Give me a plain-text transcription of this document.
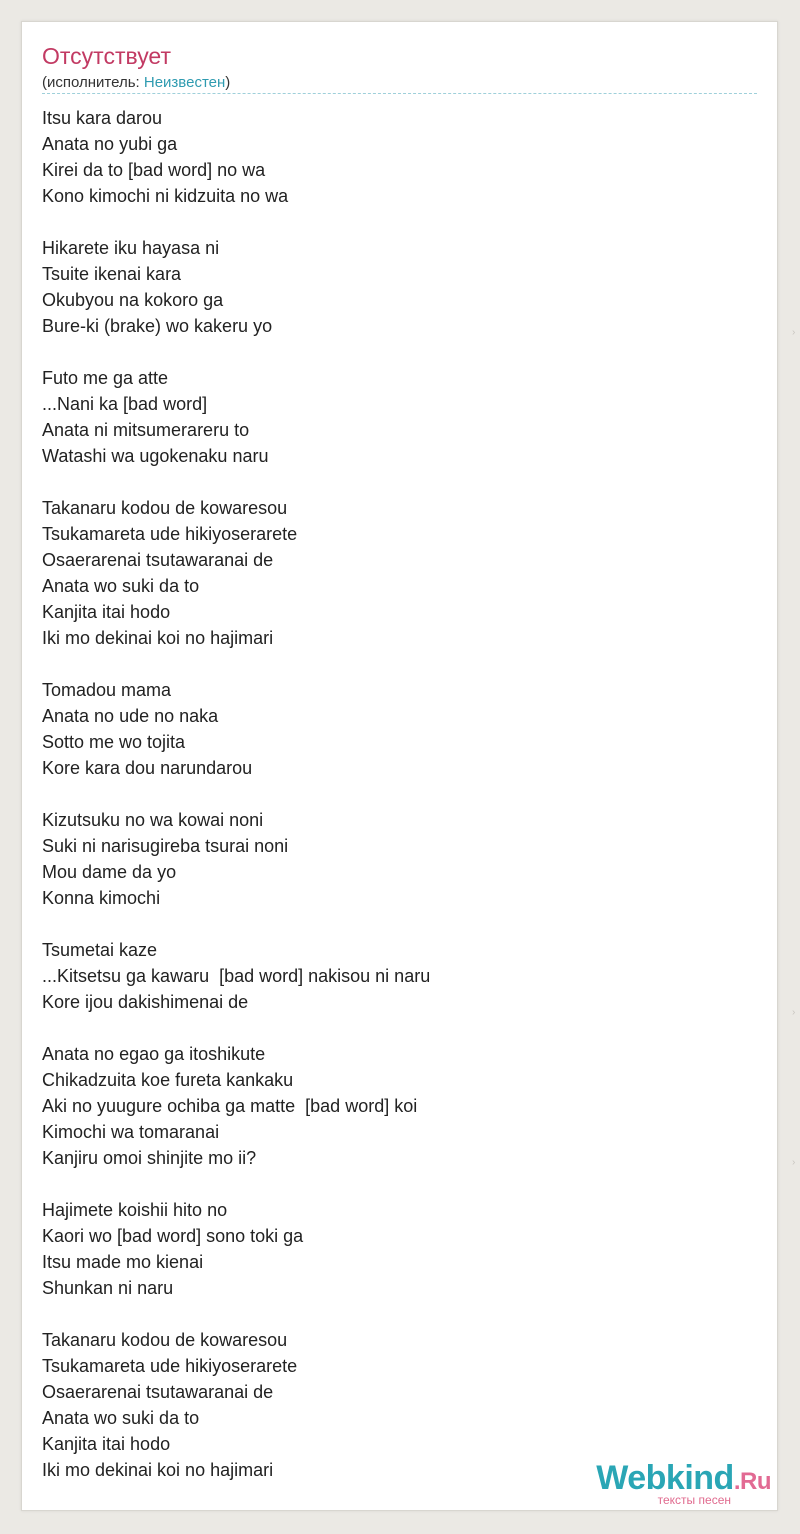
Отсутствует
(исполнитель: Неизвестен)
Itsu kara darou
Anata no yubi ga
Kirei da to [bad word] no wa
Kono kimochi ni kidzuita no wa
Hikarete iku hayasa ni
Tsuite ikenai kara
Okubyou na kokoro ga
Bure-ki (brake) wo kakeru yo
Futo me ga atte
...Nani ka [bad word]
Anata ni mitsumerareru to
Watashi wa ugokenaku naru
Takanaru kodou de kowaresou
Tsukamareta ude hikiyoserarete
Osaerarenai tsutawaranai de
Anata wo suki da to
Kanjita itai hodo
Iki mo dekinai koi no hajimari
Tomadou mama
Anata no ude no naka
Sotto me wo tojita
Kore kara dou narundarou
Kizutsuku no wa kowai noni
Suki ni narisugireba tsurai noni
Mou dame da yo
Konna kimochi
Tsumetai kaze
...Kitsetsu ga kawaru  [bad word] nakisou ni naru
Kore ijou dakishimenai de
Anata no egao ga itoshikute
Chikadzuita koe fureta kankaku
Aki no yuugure ochiba ga matte  [bad word] koi
Kimochi wa tomaranai
Kanjiru omoi shinjite mo ii?
Hajimete koishii hito no
Kaori wo [bad word] sono toki ga
Itsu made mo kienai
Shunkan ni naru
Takanaru kodou de kowaresou
Tsukamareta ude hikiyoserarete
Osaerarenai tsutawaranai de
Anata wo suki da to
Kanjita itai hodo
Iki mo dekinai koi no hajimari	Webkind.Ru
тексты песен
›
›
›
